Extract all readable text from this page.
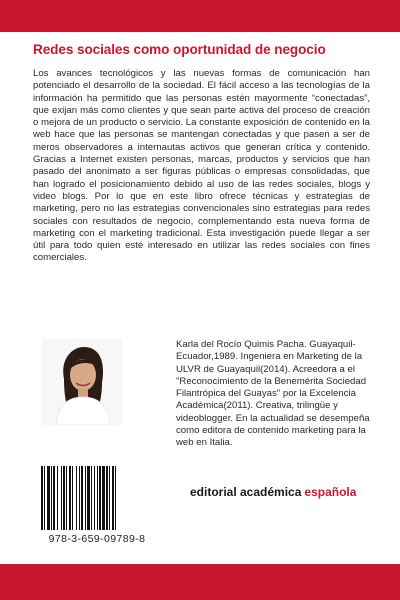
Redes sociales como oportunidad de negocio

Los avances tecnológicos y las nuevas formas de comunicación han potenciado el desarrollo de la sociedad. El fácil acceso a las tecnologías de la información ha permitido que las personas estén mayormente “conectadas”, que exijan más como clientes y que sean parte activa del proceso de creación o mejora de un producto o servicio. La constante exposición de contenido en la web hace que las personas se mantengan conectadas y que pasen a ser de meros observadores a internautas activos que generan crítica y contenido. Gracias a Internet existen personas, marcas, productos y servicios que han pasado del anonimato a ser figuras públicas o empresas consolidadas, que han logrado el posicionamiento debido al uso de las redes sociales, blogs y video blogs. Por lo que en este libro ofrece técnicas y estrategias de marketing, pero no las estrategias convencionales sino estrategias para redes sociales con resultados de negocio, complementando esta nueva forma de marketing con el marketing tradicional. Esta investigación puede llegar a ser útil para todo quien esté interesado en utilizar las redes sociales con fines comerciales.

Karla del Rocío Quimis Pacha. Guayaquil-Ecuador,1989. Ingeniera en Marketing de la ULVR de Guayaquil(2014). Acreedora a el "Reconocimiento de la Benemérita Sociedad Filantrópica del Guayas" por la Excelencia Académica(2011). Creativa, trilingüe y videoblogger. En la actualidad se desempeña como editora de contenido marketing para la web en Italia.

978-3-659-09789-8
editorial académica española
